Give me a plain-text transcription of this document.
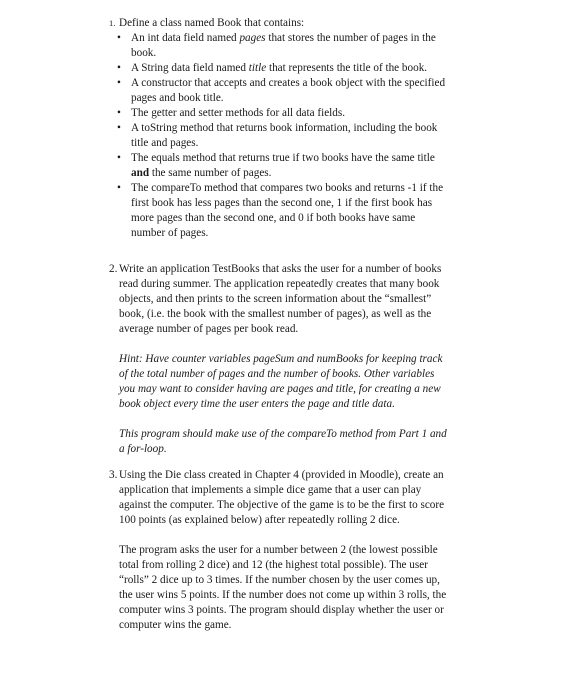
1. Define a class named Book that contains:
• An int data field named pages that stores the number of pages in the book.
• A String data field named title that represents the title of the book.
• A constructor that accepts and creates a book object with the specified pages and book title.
• The getter and setter methods for all data fields.
• A toString method that returns book information, including the book title and pages.
• The equals method that returns true if two books have the same title and the same number of pages.
• The compareTo method that compares two books and returns -1 if the first book has less pages than the second one, 1 if the first book has more pages than the second one, and 0 if both books have same number of pages.
2. Write an application TestBooks that asks the user for a number of books read during summer. The application repeatedly creates that many book objects, and then prints to the screen information about the “smallest” book, (i.e. the book with the smallest number of pages), as well as the average number of pages per book read.

Hint: Have counter variables pageSum and numBooks for keeping track of the total number of pages and the number of books. Other variables you may want to consider having are pages and title, for creating a new book object every time the user enters the page and title data.

This program should make use of the compareTo method from Part 1 and a for-loop.

3. Using the Die class created in Chapter 4 (provided in Moodle), create an application that implements a simple dice game that a user can play against the computer. The objective of the game is to be the first to score 100 points (as explained below) after repeatedly rolling 2 dice.

The program asks the user for a number between 2 (the lowest possible total from rolling 2 dice) and 12 (the highest total possible). The user “rolls” 2 dice up to 3 times. If the number chosen by the user comes up, the user wins 5 points. If the number does not come up within 3 rolls, the computer wins 3 points. The program should display whether the user or computer wins the game.
